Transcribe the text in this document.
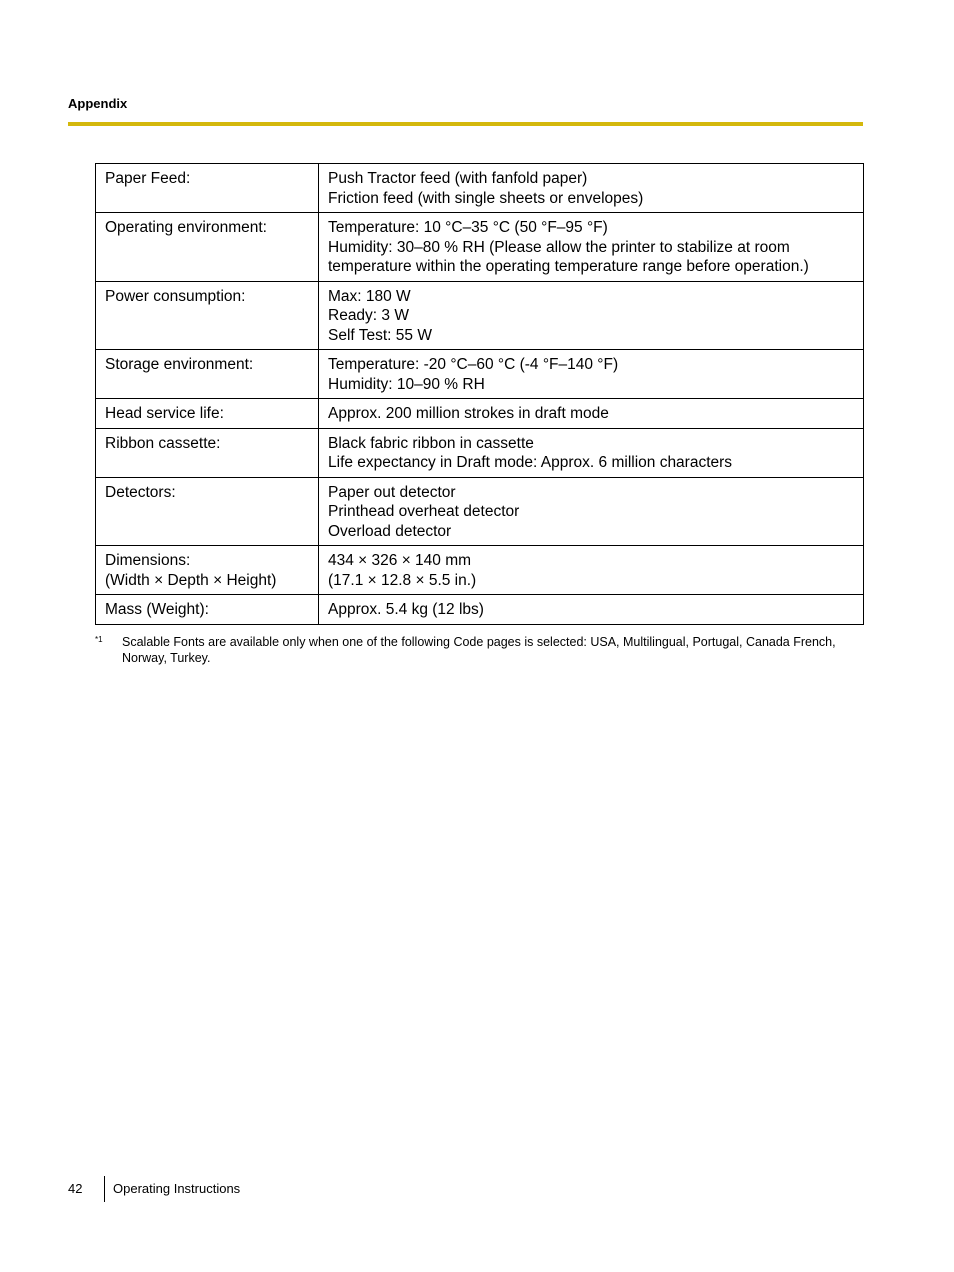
Appendix
Paper Feed:	Push Tractor feed (with fanfold paper)
Friction feed (with single sheets or envelopes)

Operating environment:	Temperature: 10 °C–35 °C (50 °F–95 °F)
Humidity: 30–80 % RH (Please allow the printer to stabilize at room
temperature within the operating temperature range before operation.)

Power consumption:	Max: 180 W
Ready: 3 W
Self Test: 55 W

Storage environment:	Temperature: -20 °C–60 °C (-4 °F–140 °F)
Humidity: 10–90 % RH

Head service life:	Approx. 200 million strokes in draft mode

Ribbon cassette:	Black fabric ribbon in cassette
Life expectancy in Draft mode: Approx. 6 million characters

Detectors:	Paper out detector
Printhead overheat detector
Overload detector

Dimensions:
(Width × Depth × Height)	434 × 326 × 140 mm
(17.1 × 12.8 × 5.5 in.)

Mass (Weight):	Approx. 5.4 kg (12 lbs)
*1 Scalable Fonts are available only when one of the following Code pages is selected: USA, Multilingual, Portugal, Canada French, Norway, Turkey.
42 Operating Instructions
